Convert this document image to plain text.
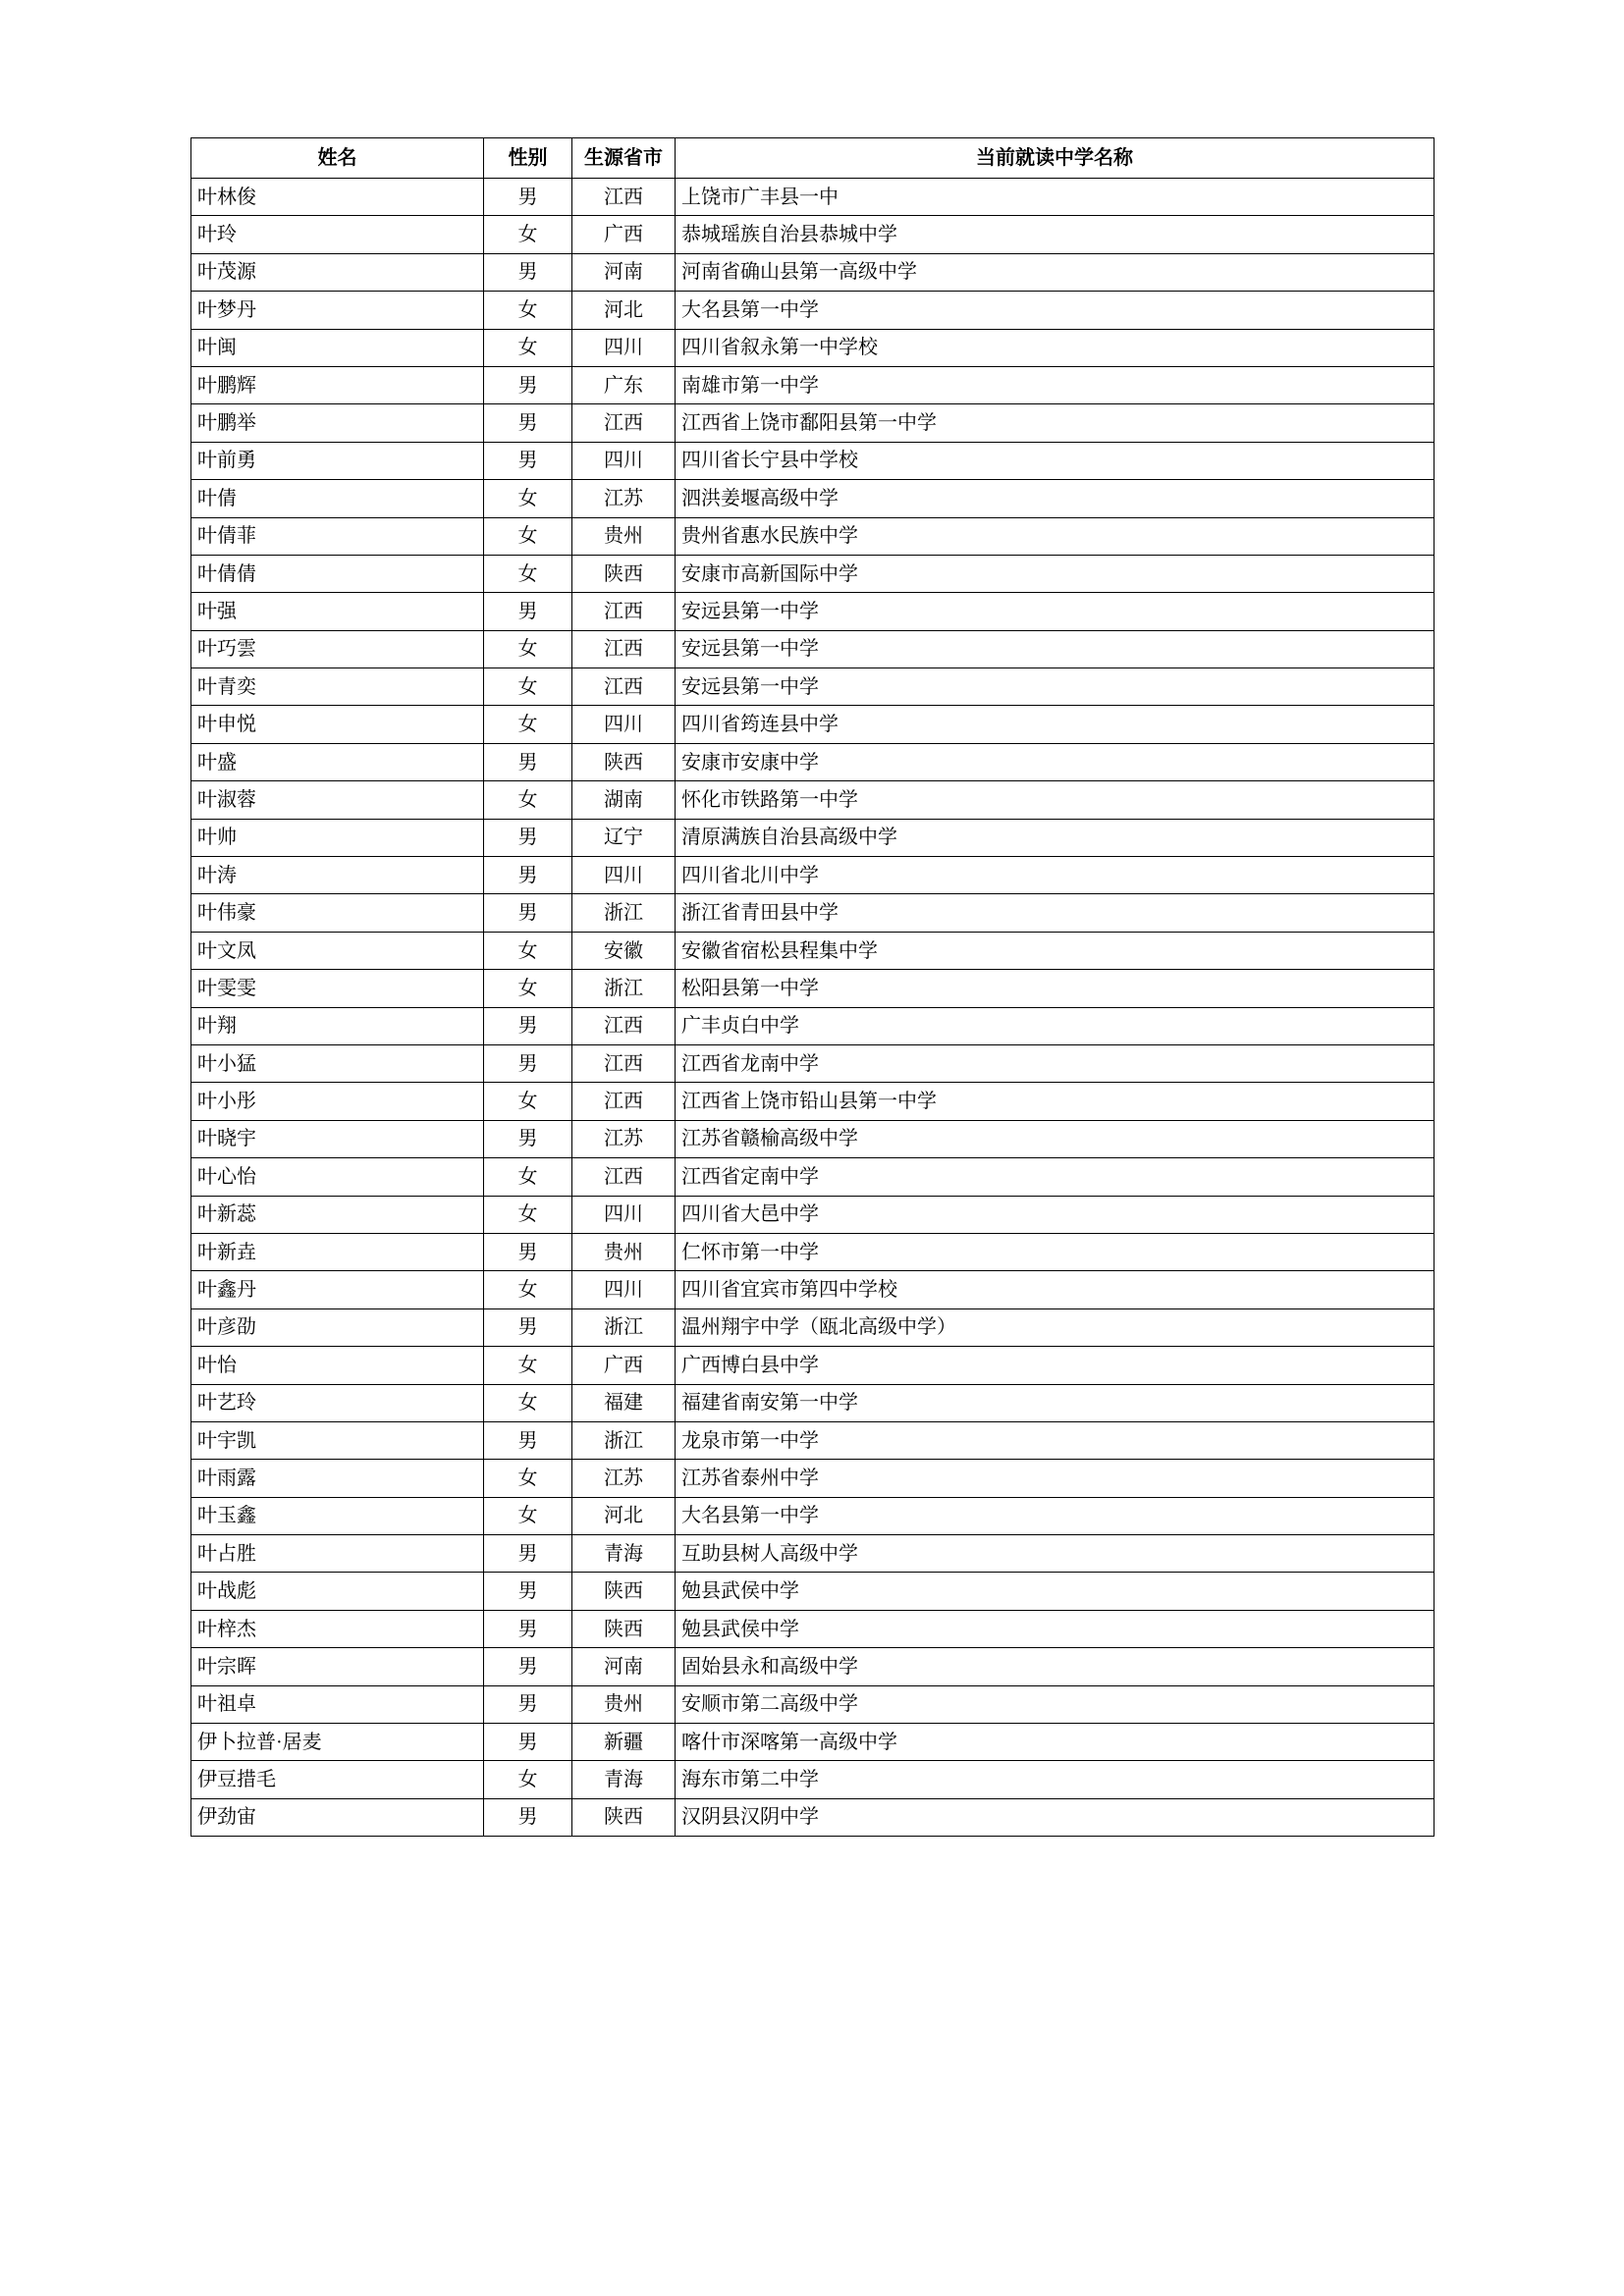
姓名	性别	生源省市	当前就读中学名称
叶林俊	男	江西	上饶市广丰县一中
叶玲	女	广西	恭城瑶族自治县恭城中学
叶茂源	男	河南	河南省确山县第一高级中学
叶梦丹	女	河北	大名县第一中学
叶闽	女	四川	四川省叙永第一中学校
叶鹏辉	男	广东	南雄市第一中学
叶鹏举	男	江西	江西省上饶市鄱阳县第一中学
叶前勇	男	四川	四川省长宁县中学校
叶倩	女	江苏	泗洪姜堰高级中学
叶倩菲	女	贵州	贵州省惠水民族中学
叶倩倩	女	陕西	安康市高新国际中学
叶强	男	江西	安远县第一中学
叶巧雲	女	江西	安远县第一中学
叶青奕	女	江西	安远县第一中学
叶申悦	女	四川	四川省筠连县中学
叶盛	男	陕西	安康市安康中学
叶淑蓉	女	湖南	怀化市铁路第一中学
叶帅	男	辽宁	清原满族自治县高级中学
叶涛	男	四川	四川省北川中学
叶伟豪	男	浙江	浙江省青田县中学
叶文凤	女	安徽	安徽省宿松县程集中学
叶雯雯	女	浙江	松阳县第一中学
叶翔	男	江西	广丰贞白中学
叶小猛	男	江西	江西省龙南中学
叶小彤	女	江西	江西省上饶市铅山县第一中学
叶晓宇	男	江苏	江苏省赣榆高级中学
叶心怡	女	江西	江西省定南中学
叶新蕊	女	四川	四川省大邑中学
叶新垚	男	贵州	仁怀市第一中学
叶鑫丹	女	四川	四川省宜宾市第四中学校
叶彦劭	男	浙江	温州翔宇中学（瓯北高级中学）
叶怡	女	广西	广西博白县中学
叶艺玲	女	福建	福建省南安第一中学
叶宇凯	男	浙江	龙泉市第一中学
叶雨露	女	江苏	江苏省泰州中学
叶玉鑫	女	河北	大名县第一中学
叶占胜	男	青海	互助县树人高级中学
叶战彪	男	陕西	勉县武侯中学
叶梓杰	男	陕西	勉县武侯中学
叶宗晖	男	河南	固始县永和高级中学
叶祖卓	男	贵州	安顺市第二高级中学
伊卜拉普·居麦	男	新疆	喀什市深喀第一高级中学
伊豆措毛	女	青海	海东市第二中学
伊劲宙	男	陕西	汉阴县汉阴中学
